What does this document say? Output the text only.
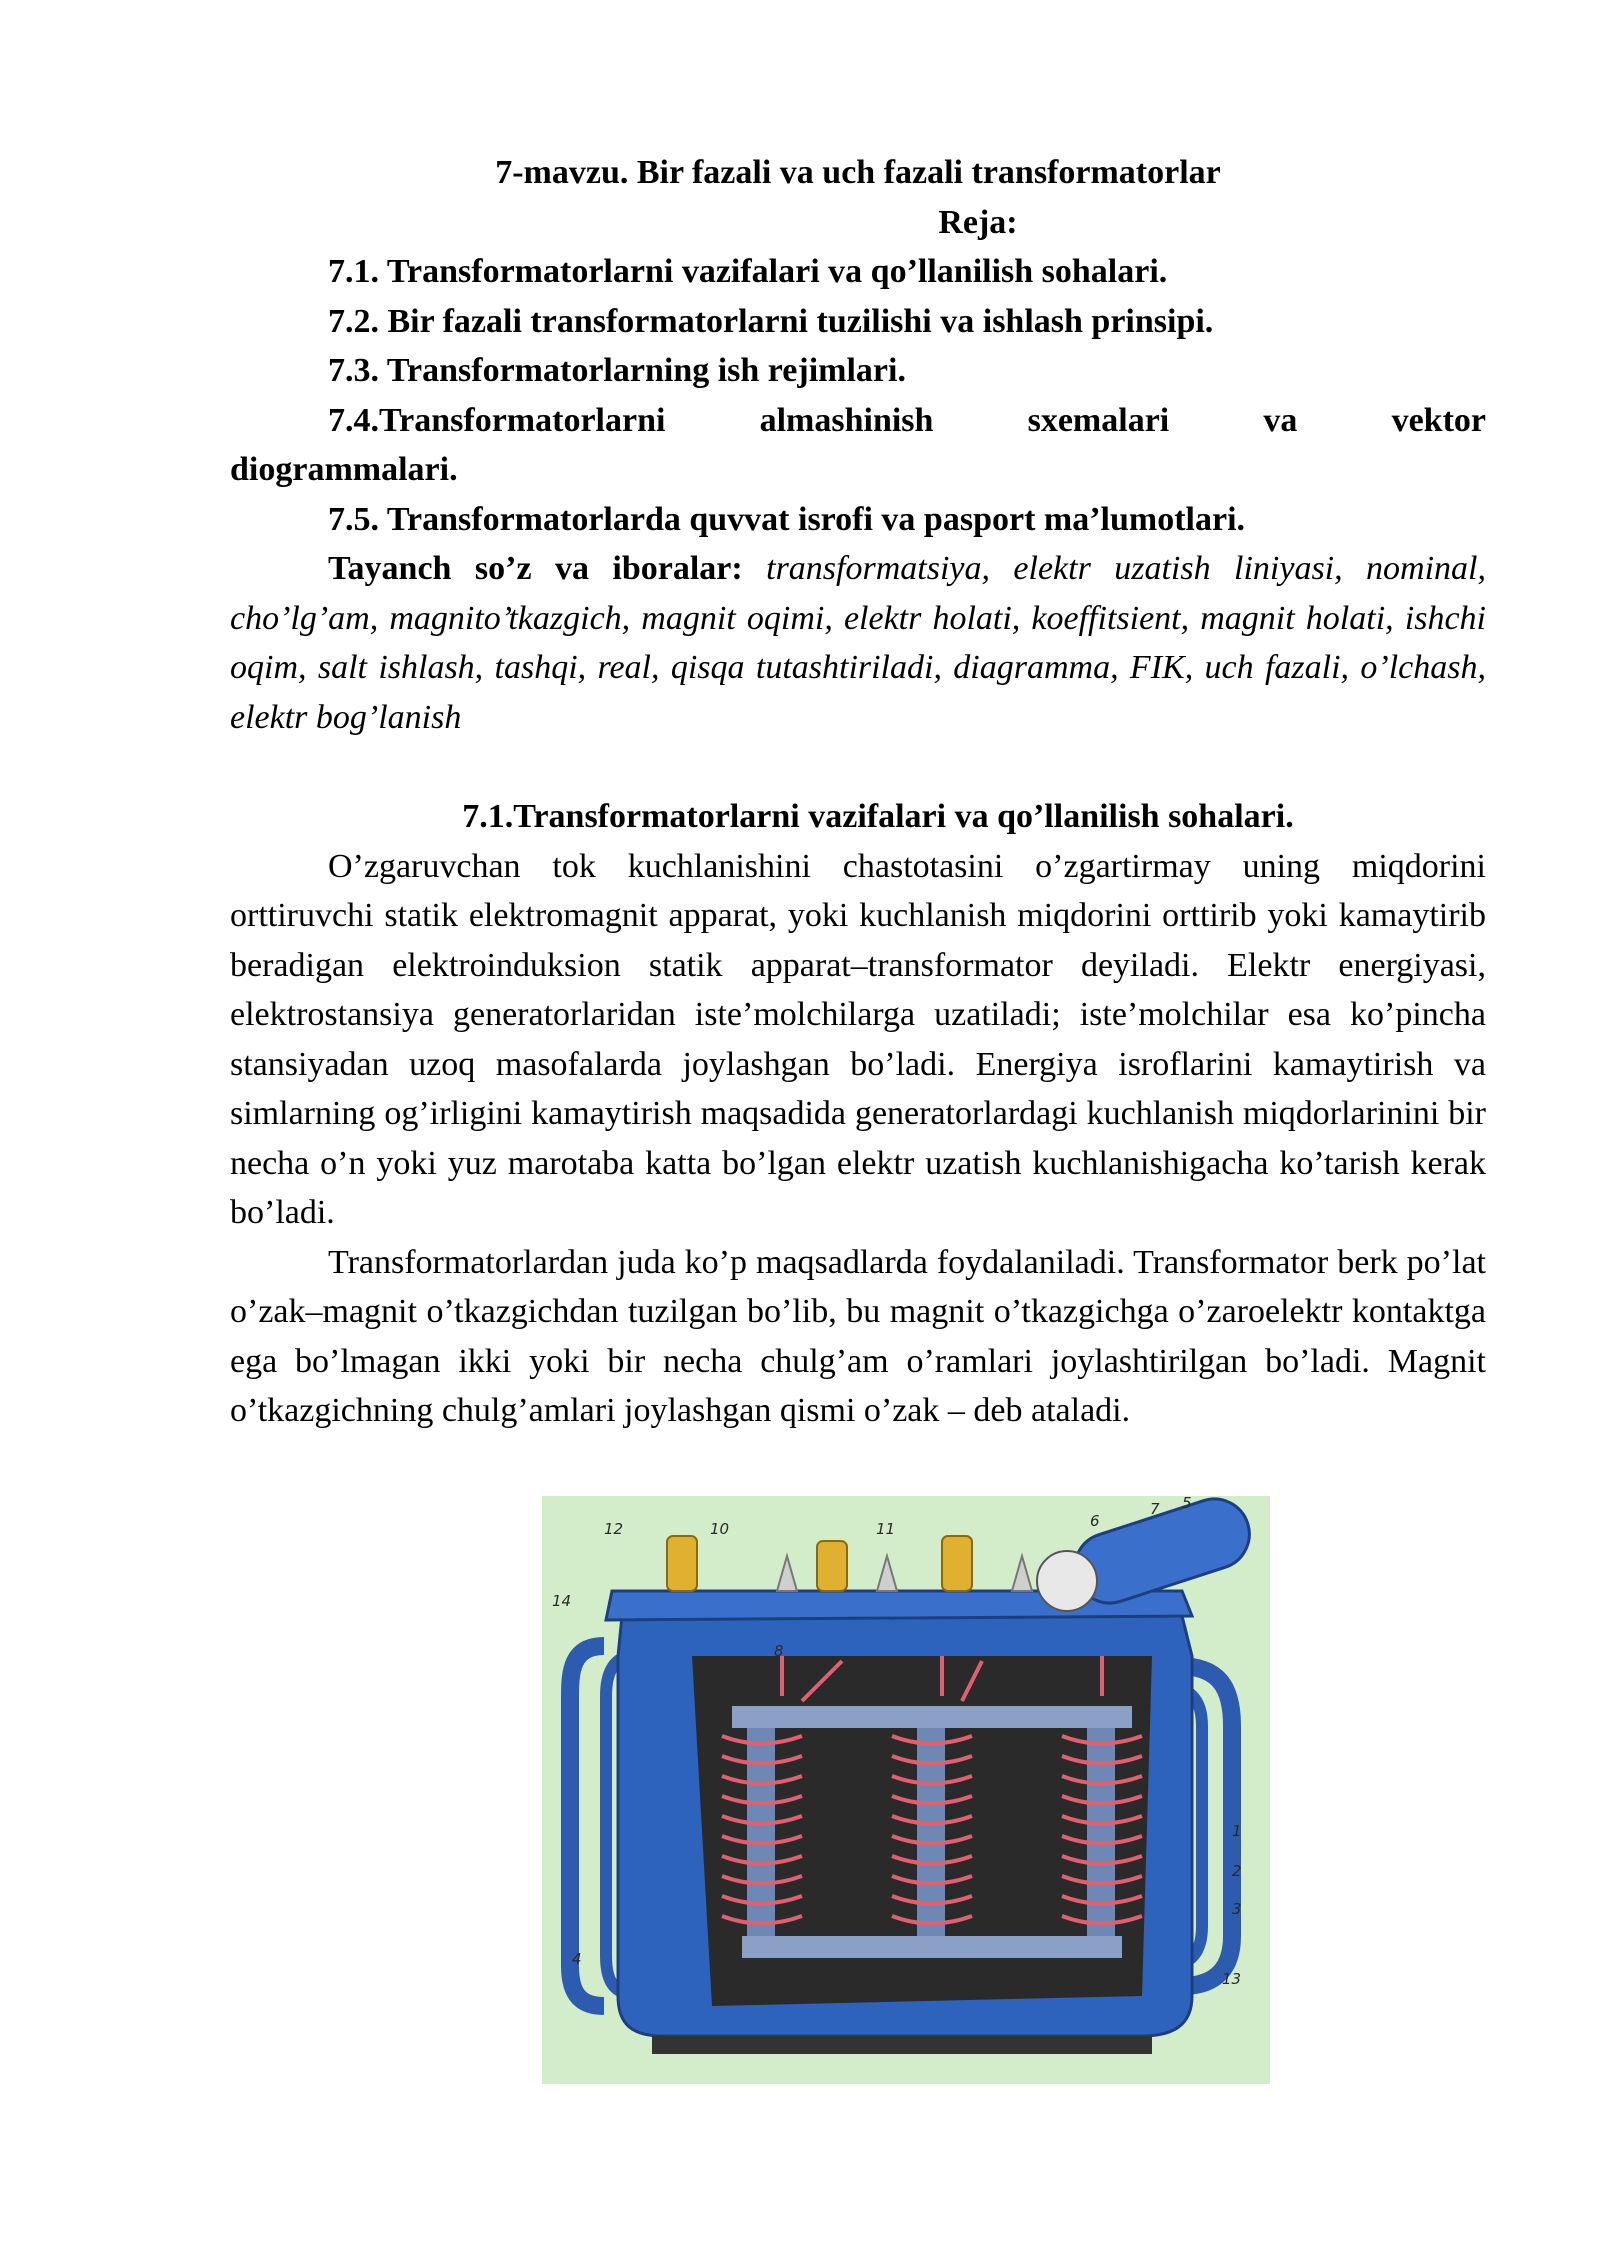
7-mavzu. Bir fazali va uch fazali transformatorlar

Reja:

7.1. Transformatorlarni vazifalari va qo’llanilish sohalari.

7.2. Bir fazali transformatorlarni tuzilishi va ishlash prinsipi.

7.3. Transformatorlarning ish rejimlari.

7.4.Transformatorlarni almashinish sxemalari va vektor

diogrammalari.

7.5. Transformatorlarda quvvat isrofi va pasport ma’lumotlari.

Tayanch so’z va iboralar: transformatsiya, elektr uzatish liniyasi, nominal, cho’lg’am, magnito’tkazgich, magnit oqimi, elektr holati, koeffitsient, magnit holati, ishchi oqim, salt ishlash, tashqi, real, qisqa tutashtiriladi, diagramma, FIK, uch fazali, o’lchash, elektr bog’lanish

7.1.Transformatorlarni vazifalari va qo’llanilish sohalari.

O’zgaruvchan tok kuchlanishini chastotasini o’zgartirmay uning miqdorini orttiruvchi statik elektromagnit apparat, yoki kuchlanish miqdorini orttirib yoki kamaytirib beradigan elektroinduksion statik apparat–transformator deyiladi. Elektr energiyasi, elektrostansiya generatorlaridan iste’molchilarga uzatiladi; iste’molchilar esa ko’pincha stansiyadan uzoq masofalarda joylashgan bo’ladi. Energiya isroflarini kamaytirish va simlarning og’irligini kamaytirish maqsadida generatorlardagi kuchlanish miqdorlarinini bir necha o’n yoki yuz marotaba katta bo’lgan elektr uzatish kuchlanishigacha ko’tarish kerak bo’ladi.

Transformatorlardan juda ko’p maqsadlarda foydalaniladi. Transformator berk po’lat o’zak–magnit o’tkazgichdan tuzilgan bo’lib, bu magnit o’tkazgichga o’zaroelektr kontaktga ega bo’lmagan ikki yoki bir necha chulg’am o’ramlari joylashtirilgan bo’ladi. Magnit o’tkazgichning chulg’amlari joylashgan qismi o’zak – deb ataladi.

12	10	11	6
7 5
14
8
1
2
3
4
13
